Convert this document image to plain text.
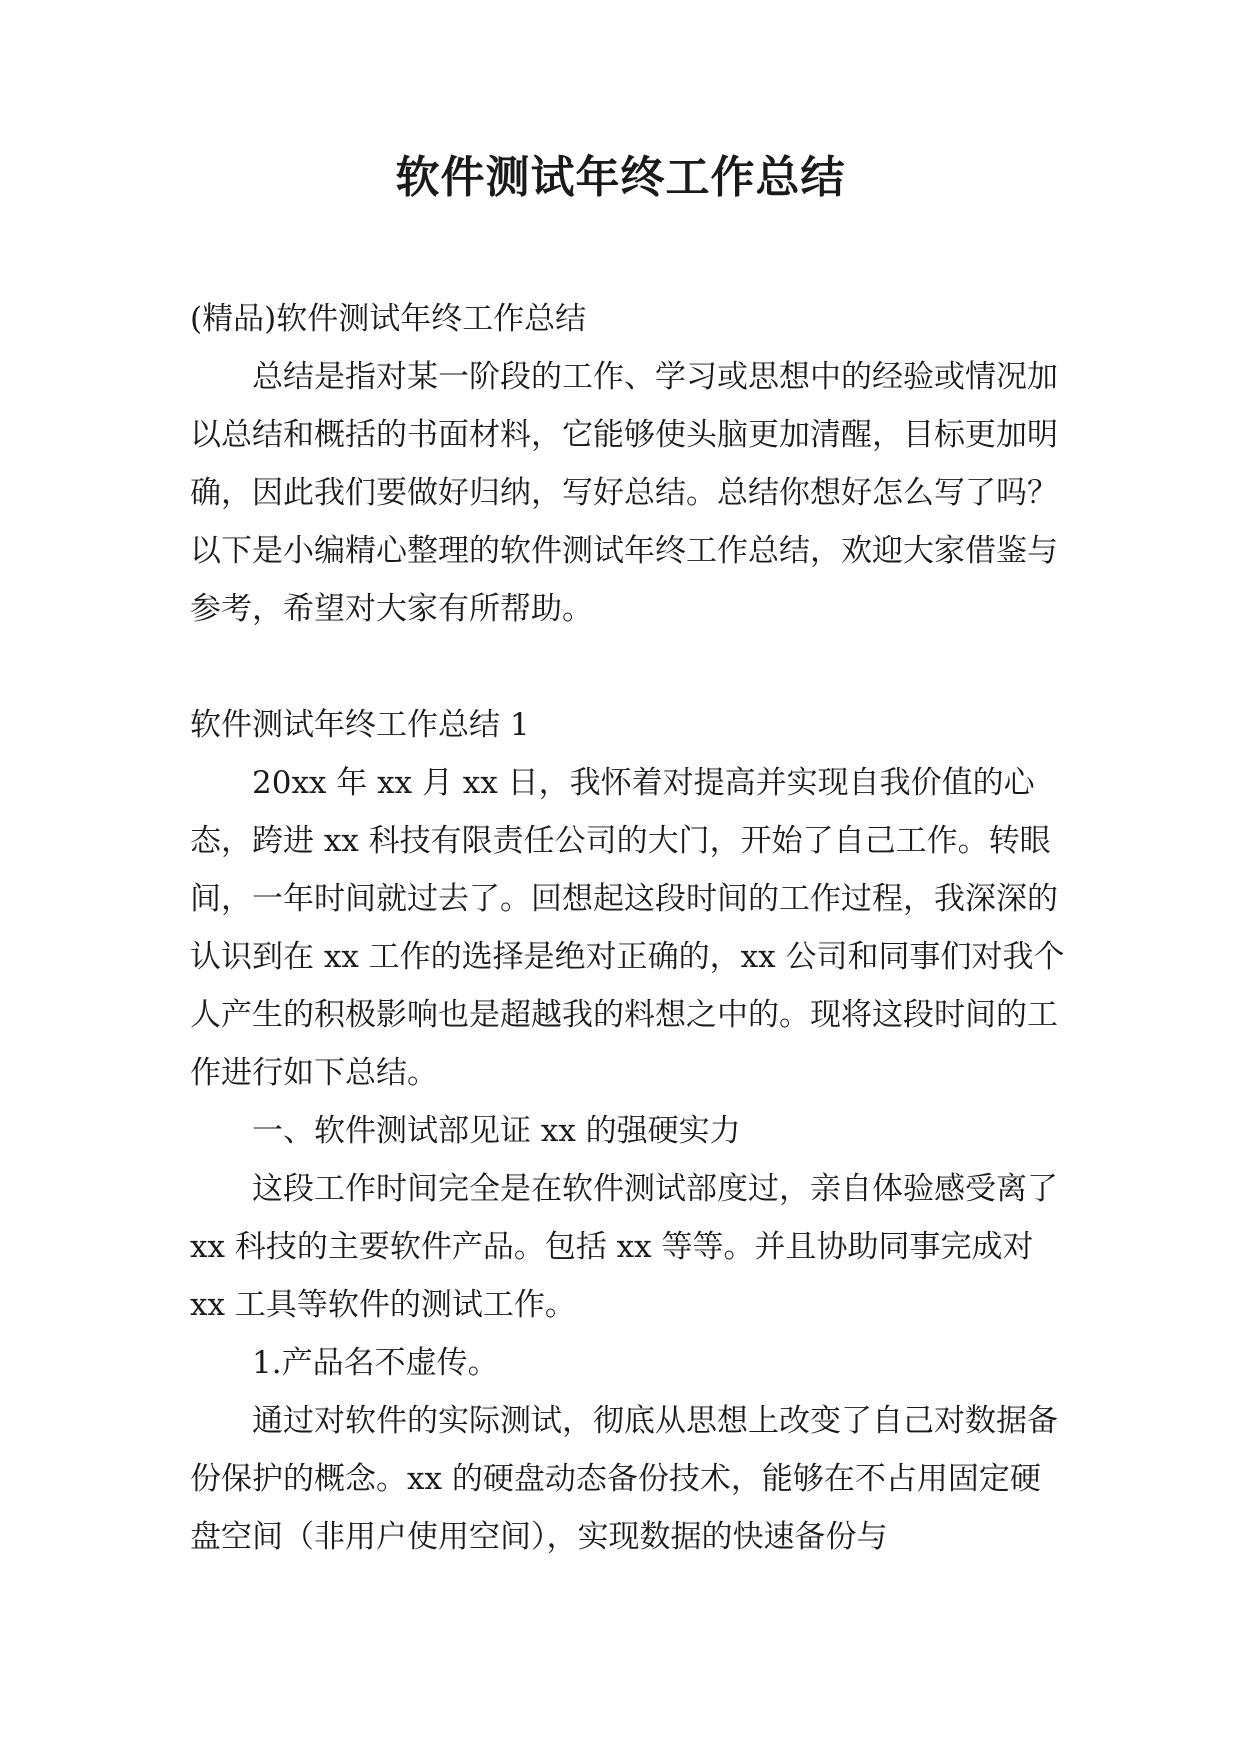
软件测试年终工作总结

(精品)软件测试年终工作总结

总结是指对某一阶段的工作、学习或思想中的经验或情况加以总结和概括的书面材料，它能够使头脑更加清醒，目标更加明确，因此我们要做好归纳，写好总结。总结你想好怎么写了吗？以下是小编精心整理的软件测试年终工作总结，欢迎大家借鉴与参考，希望对大家有所帮助。

软件测试年终工作总结 1

20xx 年 xx 月 xx 日，我怀着对提高并实现自我价值的心态，跨进 xx 科技有限责任公司的大门，开始了自己工作。转眼间，一年时间就过去了。回想起这段时间的工作过程，我深深的认识到在 xx 工作的选择是绝对正确的，xx 公司和同事们对我个人产生的积极影响也是超越我的料想之中的。现将这段时间的工作进行如下总结。

一、软件测试部见证 xx 的强硬实力

这段工作时间完全是在软件测试部度过，亲自体验感受离了 xx 科技的主要软件产品。包括 xx 等等。并且协助同事完成对 xx 工具等软件的测试工作。

1.产品名不虚传。

通过对软件的实际测试，彻底从思想上改变了自己对数据备份保护的概念。xx 的硬盘动态备份技术，能够在不占用固定硬盘空间（非用户使用空间），实现数据的快速备份与
